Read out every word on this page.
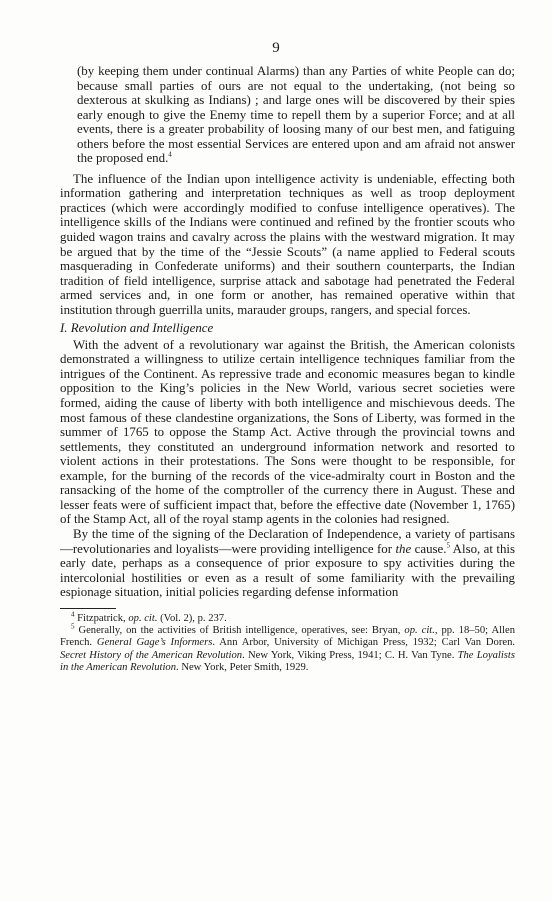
9

(by keeping them under continual Alarms) than any Parties of white People can do; because small parties of ours are not equal to the undertaking, (not being so dexterous at skulking as Indians) ; and large ones will be discovered by their spies early enough to give the Enemy time to repell them by a superior Force; and at all events, there is a greater probability of loosing many of our best men, and fatiguing others before the most essential Services are entered upon and am afraid not answer the proposed end.$^4$

The influence of the Indian upon intelligence activity is undeniable, effecting both information gathering and interpretation techniques as well as troop deployment practices (which were accordingly modified to confuse intelligence operatives). The intelligence skills of the Indians were continued and refined by the frontier scouts who guided wagon trains and cavalry across the plains with the westward migration. It may be argued that by the time of the “Jessie Scouts” (a name applied to Federal scouts masquerading in Confederate uniforms) and their southern counterparts, the Indian tradition of field intelligence, surprise attack and sabotage had penetrated the Federal armed services and, in one form or another, has remained operative within that institution through guerrilla units, marauder groups, rangers, and special forces.

I. Revolution and Intelligence

With the advent of a revolutionary war against the British, the American colonists demonstrated a willingness to utilize certain intelligence techniques familiar from the intrigues of the Continent. As repressive trade and economic measures began to kindle opposition to the King’s policies in the New World, various secret societies were formed, aiding the cause of liberty with both intelligence and mischievous deeds. The most famous of these clandestine organizations, the Sons of Liberty, was formed in the summer of 1765 to oppose the Stamp Act. Active through the provincial towns and settlements, they constituted an underground information network and resorted to violent actions in their protestations. The Sons were thought to be responsible, for example, for the burning of the records of the vice-admiralty court in Boston and the ransacking of the home of the comptroller of the currency there in August. These and lesser feats were of sufficient impact that, before the effective date (November 1, 1765) of the Stamp Act, all of the royal stamp agents in the colonies had resigned.

By the time of the signing of the Declaration of Independence, a variety of partisans—revolutionaries and loyalists—were providing intelligence for the cause.$^5$ Also, at this early date, perhaps as a consequence of prior exposure to spy activities during the intercolonial hostilities or even as a result of some familiarity with the prevailing espionage situation, initial policies regarding defense information

$^4$ Fitzpatrick, op. cit. (Vol. 2), p. 237.

$^5$ Generally, on the activities of British intelligence, operatives, see: Bryan, op. cit., pp. 18–50; Allen French. General Gage’s Informers. Ann Arbor, University of Michigan Press, 1932; Carl Van Doren. Secret History of the American Revolution. New York, Viking Press, 1941; C. H. Van Tyne. The Loyalists in the American Revolution. New York, Peter Smith, 1929.
